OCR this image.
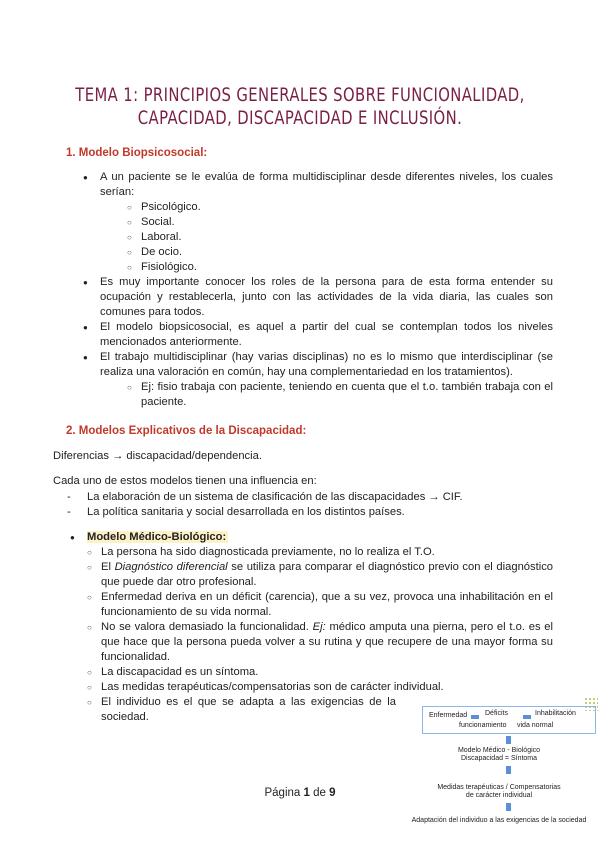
TEMA 1: PRINCIPIOS GENERALES SOBRE FUNCIONALIDAD, CAPACIDAD, DISCAPACIDAD E INCLUSIÓN.
1. Modelo Biopsicosocial:
● A un paciente se le evalúa de forma multidisciplinar desde diferentes niveles, los cuales serían:
○ Psicológico.
○ Social.
○ Laboral.
○ De ocio.
○ Fisiológico.
● Es muy importante conocer los roles de la persona para de esta forma entender su ocupación y restablecerla, junto con las actividades de la vida diaria, las cuales son comunes para todos.
● El modelo biopsicosocial, es aquel a partir del cual se contemplan todos los niveles mencionados anteriormente.
● El trabajo multidisciplinar (hay varias disciplinas) no es lo mismo que interdisciplinar (se realiza una valoración en común, hay una complementariedad en los tratamientos).
○ Ej: fisio trabaja con paciente, teniendo en cuenta que el t.o. también trabaja con el paciente.
2. Modelos Explicativos de la Discapacidad:
Diferencias → discapacidad/dependencia.
Cada uno de estos modelos tienen una influencia en:
- La elaboración de un sistema de clasificación de las discapacidades → CIF.
- La política sanitaria y social desarrollada en los distintos países.
● Modelo Médico-Biológico:
○ La persona ha sido diagnosticada previamente, no lo realiza el T.O.
○ El Diagnóstico diferencial se utiliza para comparar el diagnóstico previo con el diagnóstico que puede dar otro profesional.
○ Enfermedad deriva en un déficit (carencia), que a su vez, provoca una inhabilitación en el funcionamiento de su vida normal.
○ No se valora demasiado la funcionalidad. Ej: médico amputa una pierna, pero el t.o. es el que hace que la persona pueda volver a su rutina y que recupere de una mayor forma su funcionalidad.
○ La discapacidad es un síntoma.
○ Las medidas terapéuticas/compensatorias son de carácter individual.
○ El individuo es el que se adapta a las exigencias de la sociedad.	Enfermedad	Déficits
funcionamiento
Inhabilitación
vida normal
Modelo Médico - Biológico
Discapacidad = Síntoma
Medidas terapéuticas / Compensatorias
de carácter individual
Adaptación del individuo a las exigencias de la sociedad
Página 1 de 9
